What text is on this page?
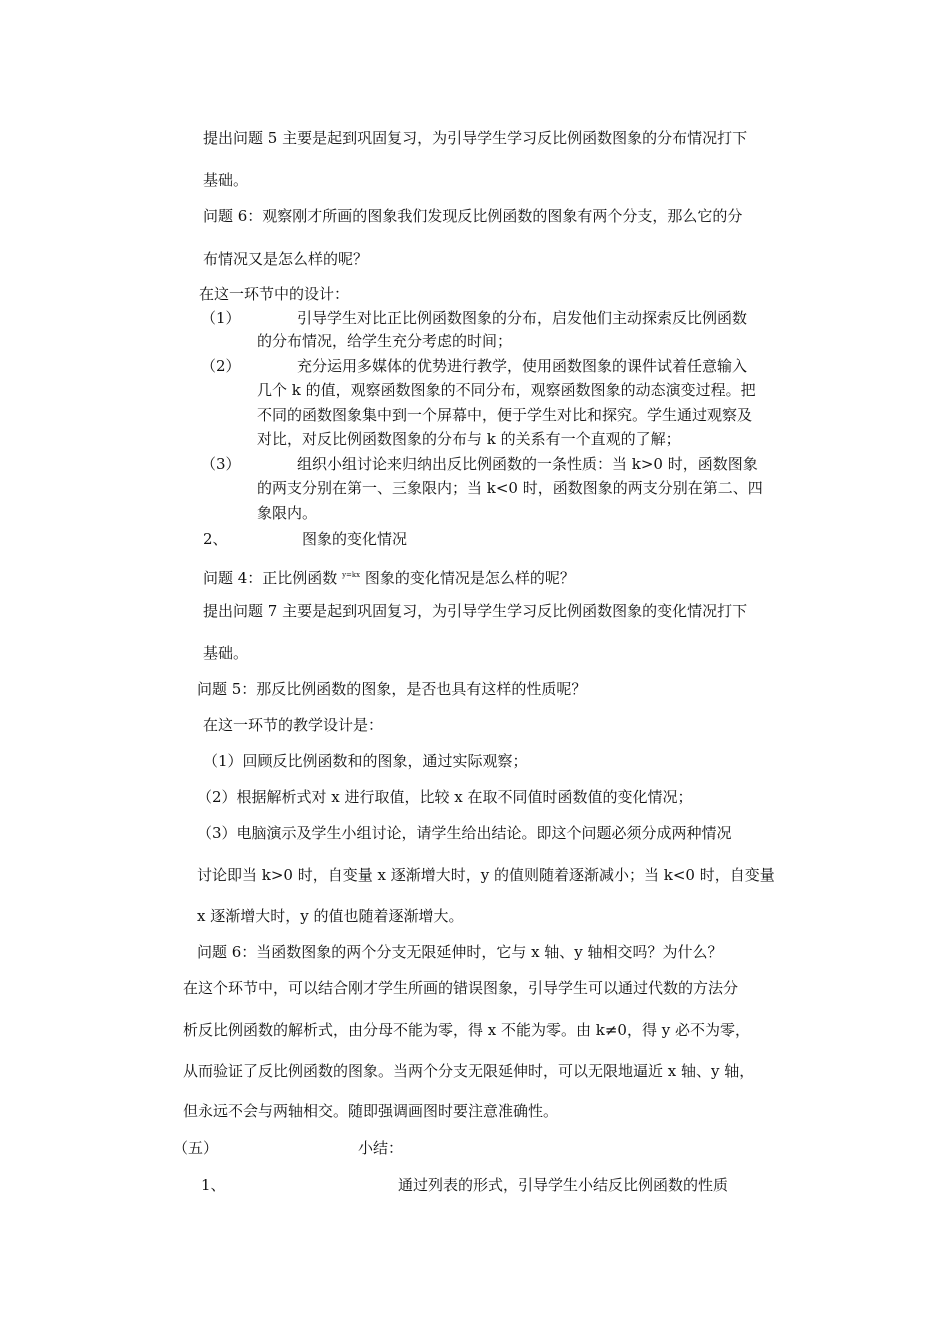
提出问题 5 主要是起到巩固复习，为引导学生学习反比例函数图象的分布情况打下
基础。
问题 6：观察刚才所画的图象我们发现反比例函数的图象有两个分支，那么它的分
布情况又是怎么样的呢？
在这一环节中的设计：
（1）	引导学生对比正比例函数图象的分布，启发他们主动探索反比例函数
的分布情况，给学生充分考虑的时间；
（2）	充分运用多媒体的优势进行教学，使用函数图象的课件试着任意输入
几个 k 的值，观察函数图象的不同分布，观察函数图象的动态演变过程。把
不同的函数图象集中到一个屏幕中，便于学生对比和探究。学生通过观察及
对比，对反比例函数图象的分布与 k 的关系有一个直观的了解；
（3）	组织小组讨论来归纳出反比例函数的一条性质：当 k>0 时，函数图象
的两支分别在第一、三象限内；当 k<0 时，函数图象的两支分别在第二、四
象限内。
2、	图象的变化情况
问题 4：正比例函数 $^{y=kx}$ 图象的变化情况是怎么样的呢？
提出问题 7 主要是起到巩固复习，为引导学生学习反比例函数图象的变化情况打下
基础。
问题 5：那反比例函数的图象，是否也具有这样的性质呢？
在这一环节的教学设计是：
（1）回顾反比例函数和的图象，通过实际观察；
（2）根据解析式对 x 进行取值，比较 x 在取不同值时函数值的变化情况；
（3）电脑演示及学生小组讨论，请学生给出结论。即这个问题必须分成两种情况
讨论即当 k>0 时，自变量 x 逐渐增大时，y 的值则随着逐渐减小；当 k<0 时，自变量
x 逐渐增大时，y 的值也随着逐渐增大。
问题 6：当函数图象的两个分支无限延伸时，它与 x 轴、y 轴相交吗？为什么？
在这个环节中，可以结合刚才学生所画的错误图象，引导学生可以通过代数的方法分
析反比例函数的解析式，由分母不能为零，得 x 不能为零。由 k≠0，得 y 必不为零，
从而验证了反比例函数的图象。当两个分支无限延伸时，可以无限地逼近 x 轴、y 轴，
但永远不会与两轴相交。随即强调画图时要注意准确性。
（五）	小结：
1、	通过列表的形式，引导学生小结反比例函数的性质
